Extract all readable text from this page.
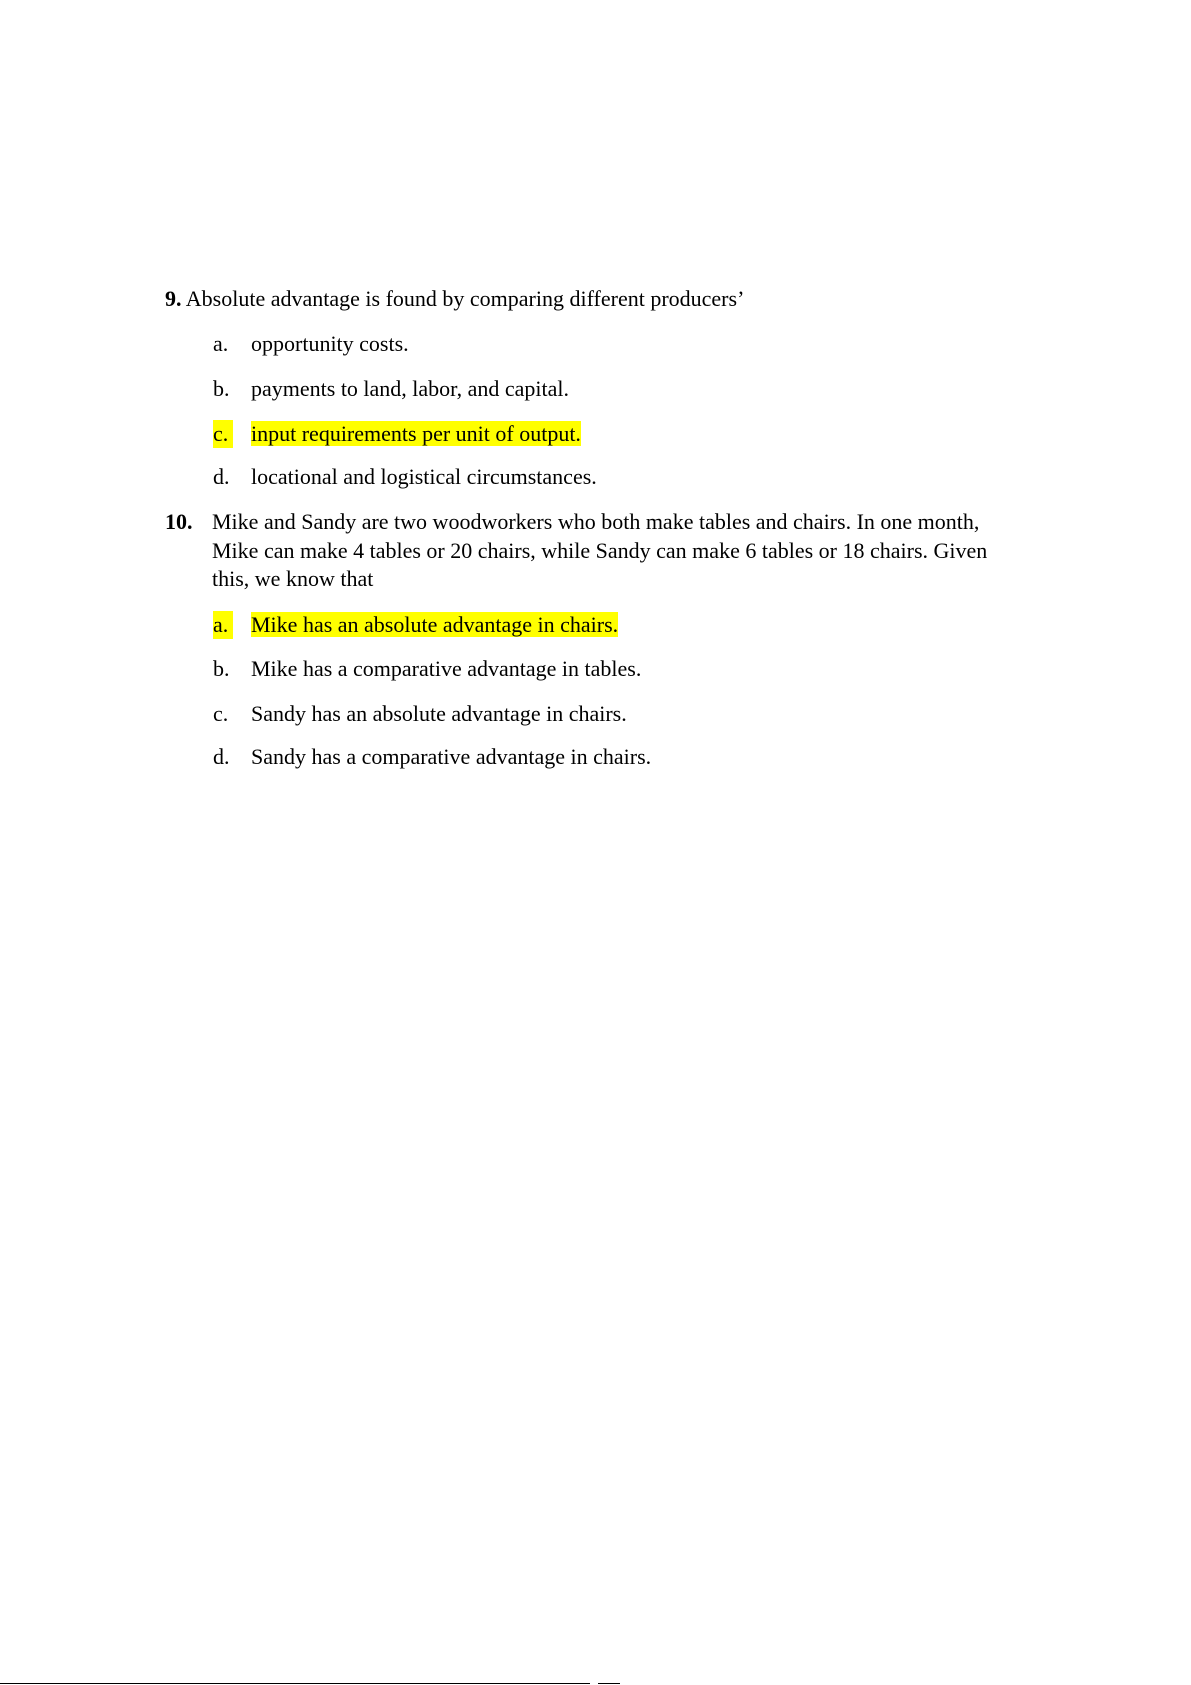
9. Absolute advantage is found by comparing different producers’
a. opportunity costs.
b. payments to land, labor, and capital.
c. input requirements per unit of output.
d. locational and logistical circumstances.
10. Mike and Sandy are two woodworkers who both make tables and chairs. In one month, Mike can make 4 tables or 20 chairs, while Sandy can make 6 tables or 18 chairs. Given this, we know that
a. Mike has an absolute advantage in chairs.
b. Mike has a comparative advantage in tables.
c. Sandy has an absolute advantage in chairs.
d. Sandy has a comparative advantage in chairs.
